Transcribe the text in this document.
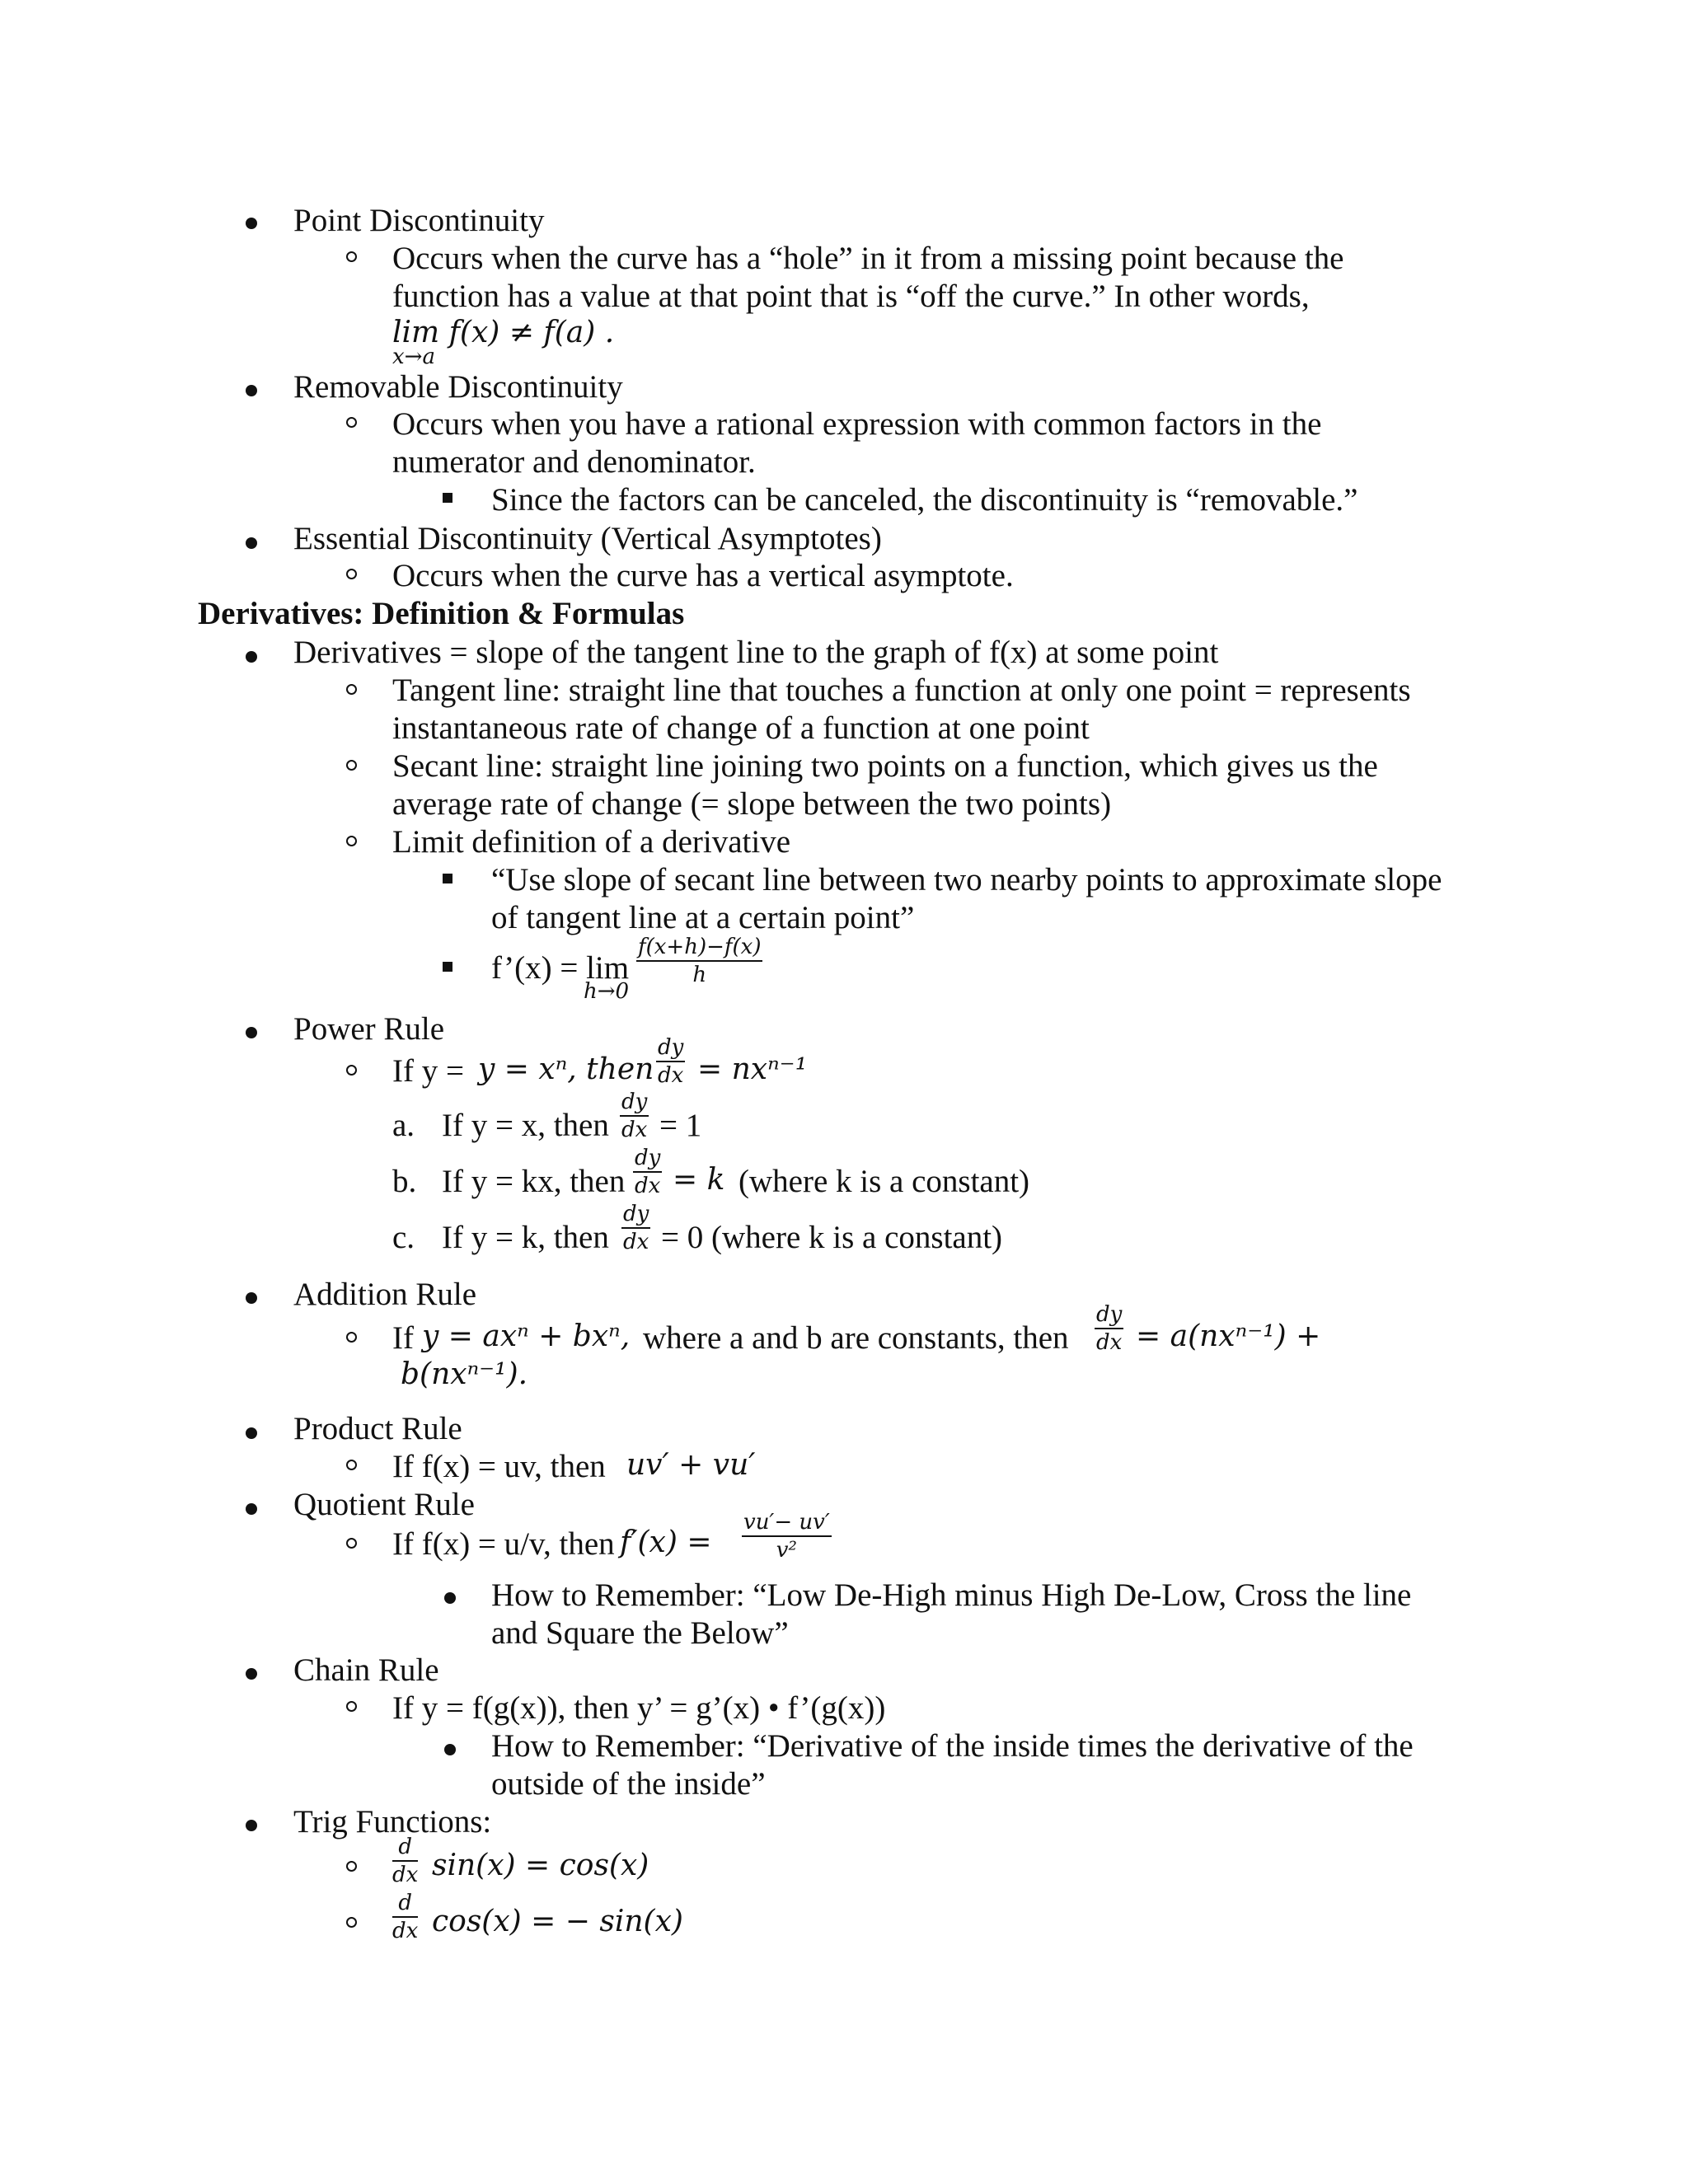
Point Discontinuity
Occurs when the curve has a “hole” in it from a missing point because the
function has a value at that point that is “off the curve.” In other words,
lim 𝑓(𝑥) ≠ 𝑓(𝑎) .
𝑥→𝑎
Removable Discontinuity
Occurs when you have a rational expression with common factors in the
numerator and denominator.
Since the factors can be canceled, the discontinuity is “removable.”
Essential Discontinuity (Vertical Asymptotes)
Occurs when the curve has a vertical asymptote.
Derivatives: Definition & Formulas
Derivatives = slope of the tangent line to the graph of f(x) at some point
Tangent line: straight line that touches a function at only one point = represents
instantaneous rate of change of a function at one point
Secant line: straight line joining two points on a function, which gives us the
average rate of change (= slope between the two points)
Limit definition of a derivative
“Use slope of secant line between two nearby points to approximate slope
of tangent line at a certain point”
f’(x) = lim
ℎ→0
𝑓(𝑥+ℎ)−𝑓(𝑥)
ℎ
Power Rule
If y = 𝑦 = 𝑥ⁿ, 𝑡ℎ𝑒𝑛
𝑑𝑦
𝑑𝑥 = 𝑛𝑥ⁿ⁻¹
a. If y = x, then
𝑑𝑦
𝑑𝑥 = 1
b. If y = kx, then
𝑑𝑦
𝑑𝑥 = 𝑘 (where k is a constant)
c. If y = k, then
𝑑𝑦
𝑑𝑥 = 0 (where k is a constant)
Addition Rule
If 𝑦 = 𝑎𝑥ⁿ + 𝑏𝑥ⁿ, where a and b are constants, then
𝑑𝑦
𝑑𝑥 = 𝑎(𝑛𝑥ⁿ⁻¹) +
𝑏(𝑛𝑥ⁿ⁻¹).
Product Rule
If f(x) = uv, then 𝑢𝑣′ + 𝑣𝑢′
Quotient Rule
If f(x) = u/v, then 𝑓′(𝑥) =
𝑣𝑢′− 𝑢𝑣′
𝑣²
How to Remember: “Low De-High minus High De-Low, Cross the line
and Square the Below”
Chain Rule
If y = f(g(x)), then y’ = g’(x) • f’(g(x))
How to Remember: “Derivative of the inside times the derivative of the
outside of the inside”
Trig Functions:
𝑑
𝑑𝑥 sin(𝑥) = cos(𝑥)
𝑑
𝑑𝑥 cos(𝑥) = − sin(𝑥)
